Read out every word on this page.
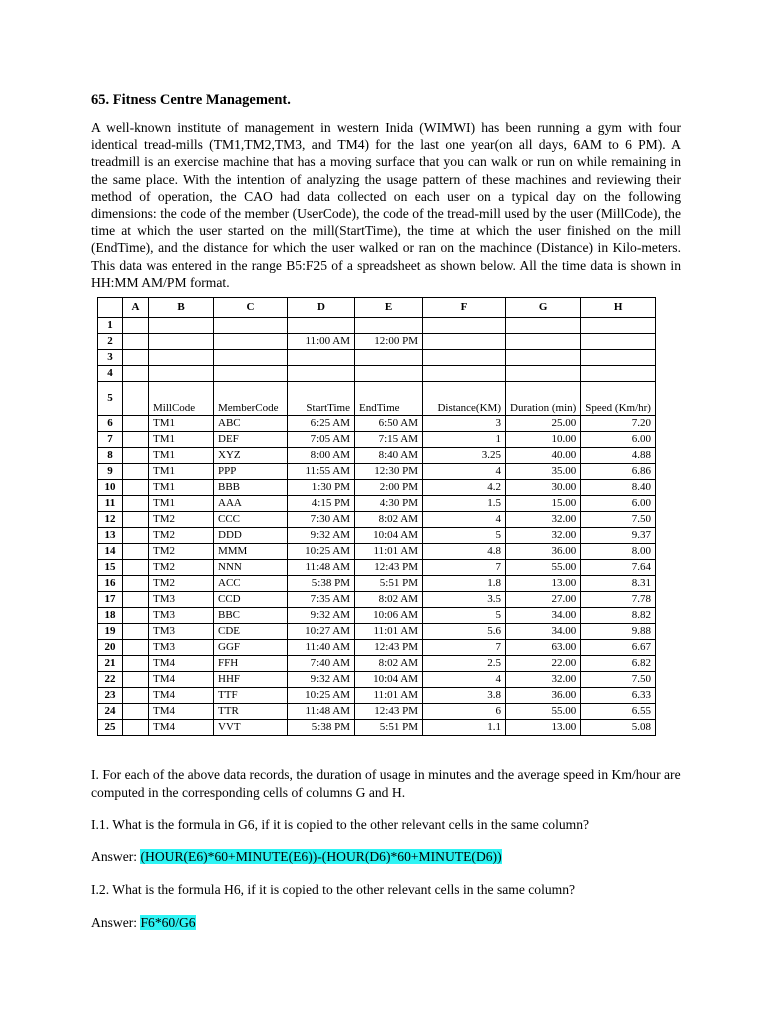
65. Fitness Centre Management.

A well-known institute of management in western Inida (WIMWI) has been running a gym with four identical tread-mills (TM1,TM2,TM3, and TM4) for the last one year(on all days, 6AM to 6 PM). A treadmill is an exercise machine that has a moving surface that you can walk or run on while remaining in the same place. With the intention of analyzing the usage pattern of these machines and reviewing their method of operation, the CAO had data collected on each user on a typical day on the following dimensions: the code of the member (UserCode), the code of the tread-mill used by the user (MillCode), the time at which the user started on the mill(StartTime), the time at which the user finished on the mill (EndTime), and the distance for which the user walked or ran on the machince (Distance) in Kilo-meters. This data was entered in the range B5:F25 of a spreadsheet as shown below. All the time data is shown in HH:MM AM/PM format.

	A	B	C	D	E	F	G	H
1								
2				11:00 AM	12:00 PM			
3								
4								
5		MillCode	MemberCode	StartTime	EndTime	Distance(KM)	Duration (min)	Speed (Km/hr)
6		TM1	ABC	6:25 AM	6:50 AM	3	25.00	7.20
7		TM1	DEF	7:05 AM	7:15 AM	1	10.00	6.00
8		TM1	XYZ	8:00 AM	8:40 AM	3.25	40.00	4.88
9		TM1	PPP	11:55 AM	12:30 PM	4	35.00	6.86
10		TM1	BBB	1:30 PM	2:00 PM	4.2	30.00	8.40
11		TM1	AAA	4:15 PM	4:30 PM	1.5	15.00	6.00
12		TM2	CCC	7:30 AM	8:02 AM	4	32.00	7.50
13		TM2	DDD	9:32 AM	10:04 AM	5	32.00	9.37
14		TM2	MMM	10:25 AM	11:01 AM	4.8	36.00	8.00
15		TM2	NNN	11:48 AM	12:43 PM	7	55.00	7.64
16		TM2	ACC	5:38 PM	5:51 PM	1.8	13.00	8.31
17		TM3	CCD	7:35 AM	8:02 AM	3.5	27.00	7.78
18		TM3	BBC	9:32 AM	10:06 AM	5	34.00	8.82
19		TM3	CDE	10:27 AM	11:01 AM	5.6	34.00	9.88
20		TM3	GGF	11:40 AM	12:43 PM	7	63.00	6.67
21		TM4	FFH	7:40 AM	8:02 AM	2.5	22.00	6.82
22		TM4	HHF	9:32 AM	10:04 AM	4	32.00	7.50
23		TM4	TTF	10:25 AM	11:01 AM	3.8	36.00	6.33
24		TM4	TTR	11:48 AM	12:43 PM	6	55.00	6.55
25		TM4	VVT	5:38 PM	5:51 PM	1.1	13.00	5.08

I. For each of the above data records, the duration of usage in minutes and the average speed in Km/hour are computed in the corresponding cells of columns G and H.

I.1. What is the formula in G6, if it is copied to the other relevant cells in the same column?

Answer: (HOUR(E6)*60+MINUTE(E6))-(HOUR(D6)*60+MINUTE(D6))

I.2. What is the formula H6, if it is copied to the other relevant cells in the same column?

Answer: F6*60/G6
